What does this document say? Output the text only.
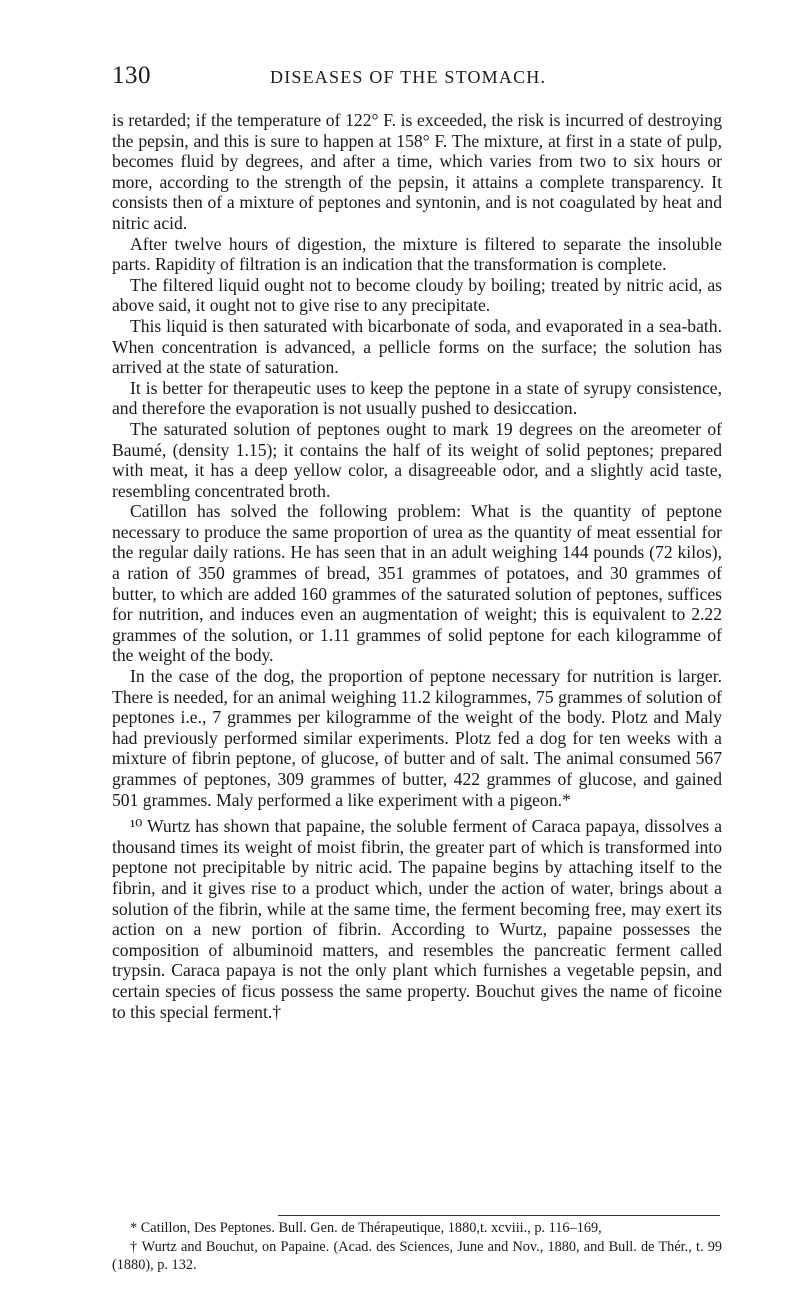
130	DISEASES OF THE STOMACH.

is retarded; if the temperature of 122° F. is exceeded, the risk is incurred of destroying the pepsin, and this is sure to happen at 158° F. The mixture, at first in a state of pulp, becomes fluid by degrees, and after a time, which varies from two to six hours or more, according to the strength of the pepsin, it attains a complete transparency. It consists then of a mixture of peptones and syntonin, and is not coagulated by heat and nitric acid.

After twelve hours of digestion, the mixture is filtered to separate the insoluble parts. Rapidity of filtration is an indication that the transformation is complete.

The filtered liquid ought not to become cloudy by boiling; treated by nitric acid, as above said, it ought not to give rise to any precipitate.

This liquid is then saturated with bicarbonate of soda, and evaporated in a sea-bath. When concentration is advanced, a pellicle forms on the surface; the solution has arrived at the state of saturation.

It is better for therapeutic uses to keep the peptone in a state of syrupy consistence, and therefore the evaporation is not usually pushed to desiccation.

The saturated solution of peptones ought to mark 19 degrees on the areometer of Baumé, (density 1.15); it contains the half of its weight of solid peptones; prepared with meat, it has a deep yellow color, a disagreeable odor, and a slightly acid taste, resembling concentrated broth.

Catillon has solved the following problem: What is the quantity of peptone necessary to produce the same proportion of urea as the quantity of meat essential for the regular daily rations. He has seen that in an adult weighing 144 pounds (72 kilos), a ration of 350 grammes of bread, 351 grammes of potatoes, and 30 grammes of butter, to which are added 160 grammes of the saturated solution of peptones, suffices for nutrition, and induces even an augmentation of weight; this is equivalent to 2.22 grammes of the solution, or 1.11 grammes of solid peptone for each kilogramme of the weight of the body.

In the case of the dog, the proportion of peptone necessary for nutrition is larger. There is needed, for an animal weighing 11.2 kilogrammes, 75 grammes of solution of peptones i.e., 7 grammes per kilogramme of the weight of the body. Plotz and Maly had previously performed similar experiments. Plotz fed a dog for ten weeks with a mixture of fibrin peptone, of glucose, of butter and of salt. The animal consumed 567 grammes of peptones, 309 grammes of butter, 422 grammes of glucose, and gained 501 grammes. Maly performed a like experiment with a pigeon.*

¹⁰ Wurtz has shown that papaine, the soluble ferment of Caraca papaya, dissolves a thousand times its weight of moist fibrin, the greater part of which is transformed into peptone not precipitable by nitric acid. The papaine begins by attaching itself to the fibrin, and it gives rise to a product which, under the action of water, brings about a solution of the fibrin, while at the same time, the ferment becoming free, may exert its action on a new portion of fibrin. According to Wurtz, papaine possesses the composition of albuminoid matters, and resembles the pancreatic ferment called trypsin. Caraca papaya is not the only plant which furnishes a vegetable pepsin, and certain species of ficus possess the same property. Bouchut gives the name of ficoine to this special ferment.†

* Catillon, Des Peptones. Bull. Gen. de Thérapeutique, 1880,t. xcviii., p. 116–169,

† Wurtz and Bouchut, on Papaine. (Acad. des Sciences, June and Nov., 1880, and Bull. de Thér., t. 99 (1880), p. 132.
